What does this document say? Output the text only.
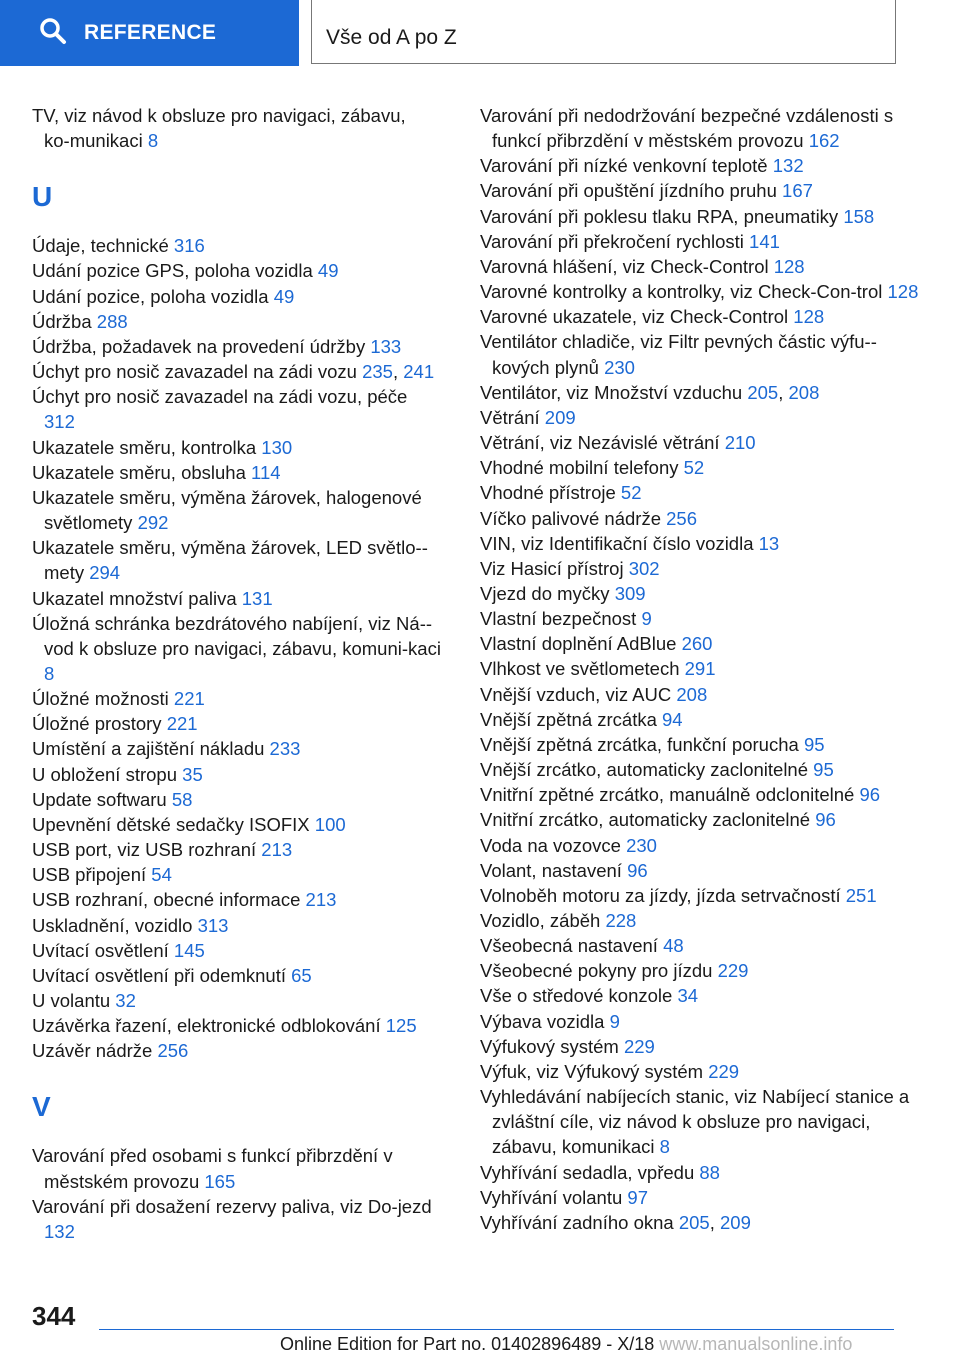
REFERENCE	Vše od A po Z
TV, viz návod k obsluze pro navigaci, zábavu, ko-munikaci 8
U
Údaje, technické 316
Udání pozice GPS, poloha vozidla 49
Udání pozice, poloha vozidla 49
Údržba 288
Údržba, požadavek na provedení údržby 133
Úchyt pro nosič zavazadel na zádi vozu 235, 241
Úchyt pro nosič zavazadel na zádi vozu, péče 312
Ukazatele směru, kontrolka 130
Ukazatele směru, obsluha 114
Ukazatele směru, výměna žárovek, halogenové světlomety 292
Ukazatele směru, výměna žárovek, LED světlo-mety 294
Ukazatel množství paliva 131
Úložná schránka bezdrátového nabíjení, viz Ná-vod k obsluze pro navigaci, zábavu, komuni-kaci 8
Úložné možnosti 221
Úložné prostory 221
Umístění a zajištění nákladu 233
U obložení stropu 35
Update softwaru 58
Upevnění dětské sedačky ISOFIX 100
USB port, viz USB rozhraní 213
USB připojení 54
USB rozhraní, obecné informace 213
Uskladnění, vozidlo 313
Uvítací osvětlení 145
Uvítací osvětlení při odemknutí 65
U volantu 32
Uzávěrka řazení, elektronické odblokování 125
Uzávěr nádrže 256
V
Varování před osobami s funkcí přibrzdění v městském provozu 165
Varování při dosažení rezervy paliva, viz Do-jezd 132
Varování při nedodržování bezpečné vzdálenosti s funkcí přibrzdění v městském provozu 162
Varování při nízké venkovní teplotě 132
Varování při opuštění jízdního pruhu 167
Varování při poklesu tlaku RPA, pneumatiky 158
Varování při překročení rychlosti 141
Varovná hlášení, viz Check-Control 128
Varovné kontrolky a kontrolky, viz Check-Con-trol 128
Varovné ukazatele, viz Check-Control 128
Ventilátor chladiče, viz Filtr pevných částic výfu-kových plynů 230
Ventilátor, viz Množství vzduchu 205, 208
Větrání 209
Větrání, viz Nezávislé větrání 210
Vhodné mobilní telefony 52
Vhodné přístroje 52
Víčko palivové nádrže 256
VIN, viz Identifikační číslo vozidla 13
Viz Hasicí přístroj 302
Vjezd do myčky 309
Vlastní bezpečnost 9
Vlastní doplnění AdBlue 260
Vlhkost ve světlometech 291
Vnější vzduch, viz AUC 208
Vnější zpětná zrcátka 94
Vnější zpětná zrcátka, funkční porucha 95
Vnější zrcátko, automaticky zaclonitelné 95
Vnitřní zpětné zrcátko, manuálně odclonitelné 96
Vnitřní zrcátko, automaticky zaclonitelné 96
Voda na vozovce 230
Volant, nastavení 96
Volnoběh motoru za jízdy, jízda setrvačností 251
Vozidlo, záběh 228
Všeobecná nastavení 48
Všeobecné pokyny pro jízdu 229
Vše o středové konzole 34
Výbava vozidla 9
Výfukový systém 229
Výfuk, viz Výfukový systém 229
Vyhledávání nabíjecích stanic, viz Nabíjecí stanice a zvláštní cíle, viz návod k obsluze pro navigaci, zábavu, komunikaci 8
Vyhřívání sedadla, vpředu 88
Vyhřívání volantu 97
Vyhřívání zadního okna 205, 209
344
Online Edition for Part no. 01402896489 - X/18 www.manualsonline.info
